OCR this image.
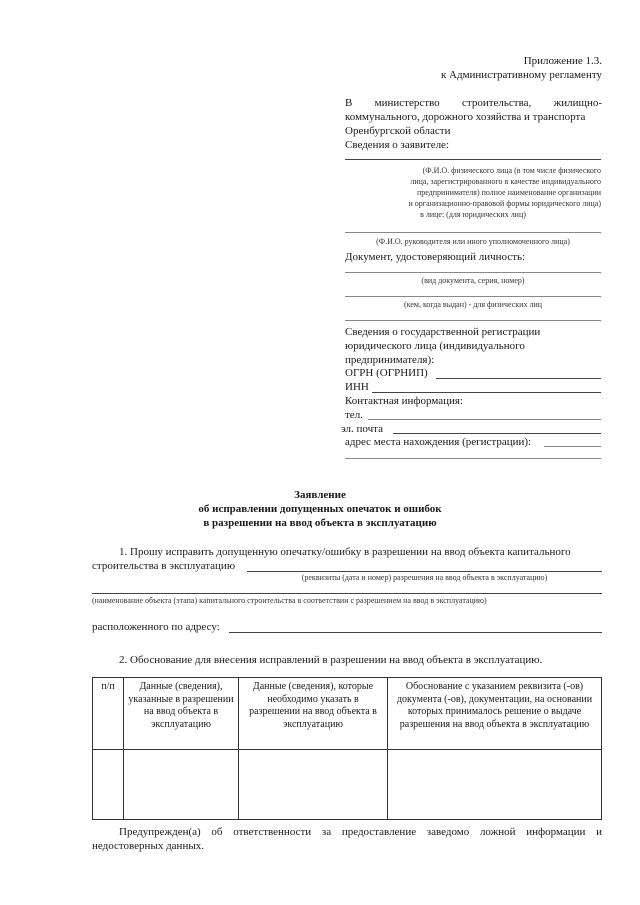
Приложение 1.3.
к Административному регламенту
В министерство строительства, жилищно-
коммунального, дорожного хозяйства и транспорта
Оренбургской области
Сведения о заявителе:
(Ф.И.О. физического лица (в том числе физического
лица, зарегистрированного в качестве индивидуального
предпринимателя) полное наименование организации
и организационно-правовой формы юридического лица)
в лице: (для юридических лиц)
(Ф.И.О. руководителя или иного уполномоченного лица)
Документ, удостоверяющий личность:
(вид документа, серия, номер)
(кем, когда выдан) - для физических лиц
Сведения о государственной регистрации
юридического лица (индивидуального
предпринимателя):
ОГРН (ОГРНИП)
ИНН
Контактная информация:
тел.
эл. почта
адрес места нахождения (регистрации):
Заявление
об исправлении допущенных опечаток и ошибок
в разрешении на ввод объекта в эксплуатацию
1. Прошу исправить допущенную опечатку/ошибку в разрешении на ввод объекта капитального
строительства в эксплуатацию
(реквизиты (дата и номер) разрешения на ввод объекта в эксплуатацию)
(наименование объекта (этапа) капитального строительства в соответствии с разрешением на ввод в эксплуатацию)
расположенного по адресу:
2. Обоснование для внесения исправлений в разрешении на ввод объекта в эксплуатацию.
п/п	Данные (сведения), указанные в разрешении на ввод объекта в эксплуатацию	Данные (сведения), которые необходимо указать в разрешении на ввод объекта в эксплуатацию	Обоснование с указанием реквизита (-ов) документа (-ов), документации, на основании которых принималось решение о выдаче разрешения на ввод объекта в эксплуатацию

Предупрежден(а) об ответственности за предоставление заведомо ложной информации и
недостоверных данных.
